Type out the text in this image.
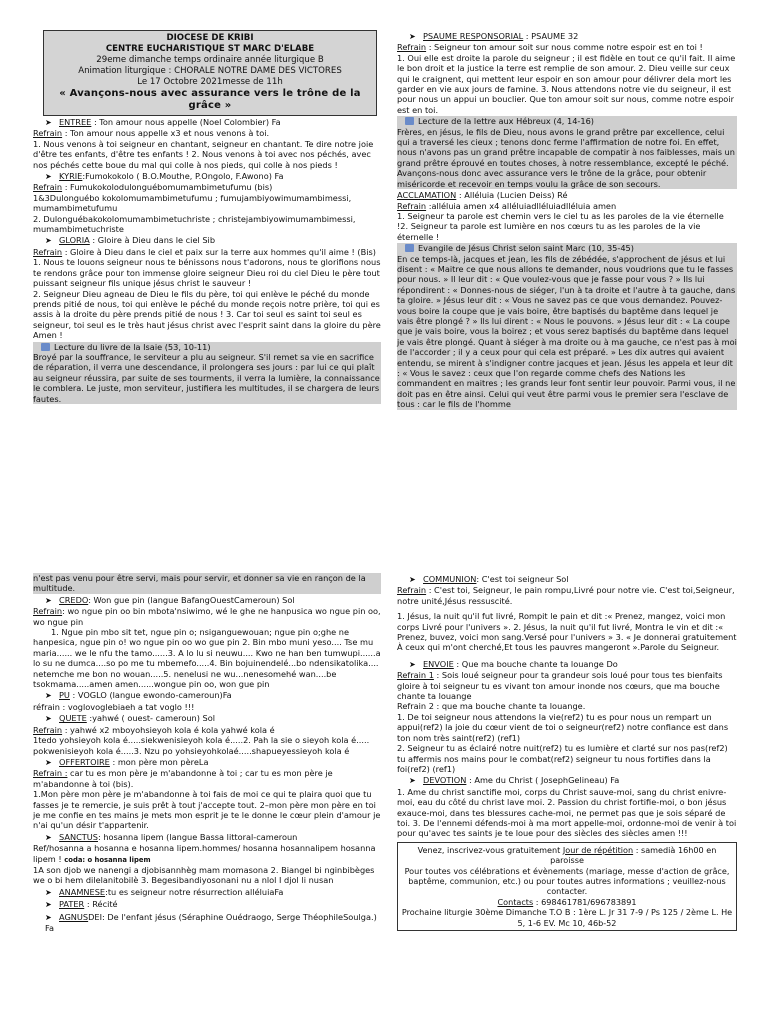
DIOCESE DE KRIBI
CENTRE EUCHARISTIQUE ST MARC D'ELABE
29eme dimanche temps ordinaire année liturgique B
Animation liturgique : CHORALE NOTRE DAME DES VICTORES
Le 17 Octobre 2021messe de 11h
« Avançons-nous avec assurance vers le trône de la grâce »

➤ ENTREE : Ton amour nous appelle (Noel Colombier) Fa

Refrain : Ton amour nous appelle x3 et nous venons à toi.

1. Nous venons à toi seigneur en chantant, seigneur en chantant. Te dire notre joie d'être tes enfants, d'être tes enfants ! 2. Nous venons à toi avec nos péchés, avec nos péchés cette boue du mal qui colle à nos pieds, qui colle à nos pieds !

➤ KYRIE:Fumokokolo ( B.O.Mouthe, P.Ongolo, F.Awono) Fa

Refrain : Fumukokolodulonguébomumambimetufumu (bis)

1&3Dulonguébo kokolomumambimetufumu ; fumujambiyowimumambimessi, mumambimetufumu

2. Dulonguébakokolomumambimetuchriste ; christejambiyowimumambimessi, mumambimetuchriste

➤ GLORIA : Gloire à Dieu dans le ciel Sib

Refrain : Gloire à Dieu dans le ciel et paix sur la terre aux hommes qu'il aime ! (Bis)

1. Nous te louons seigneur nous te bénissons nous t'adorons, nous te glorifions nous te rendons grâce pour ton immense gloire seigneur Dieu roi du ciel Dieu le père tout puissant seigneur fils unique jésus christ le sauveur !

2. Seigneur Dieu agneau de Dieu le fils du père, toi qui enlève le péché du monde prends pitié de nous, toi qui enlève le péché du monde reçois notre prière, toi qui es assis à la droite du père prends pitié de nous ! 3. Car toi seul es saint toi seul es seigneur, toi seul es le très haut jésus christ avec l'esprit saint dans la gloire du père Amen !

Lecture du livre de la Isaie (53, 10-11)

Broyé par la souffrance, le serviteur a plu au seigneur. S'il remet sa vie en sacrifice de réparation, il verra une descendance, il prolongera ses jours : par lui ce qui plaît au seigneur réussira, par suite de ses tourments, il verra la lumière, la connaissance le comblera. Le juste, mon serviteur, justifiera les multitudes, il se chargera de leurs fautes.

➤ PSAUME RESPONSORIAL : PSAUME 32

Refrain : Seigneur ton amour soit sur nous comme notre espoir est en toi !

1. Oui elle est droite la parole du seigneur ; il est fidèle en tout ce qu'il fait. Il aime le bon droit et la justice la terre est remplie de son amour. 2. Dieu veille sur ceux qui le craignent, qui mettent leur espoir en son amour pour délivrer dela mort les garder en vie aux jours de famine. 3. Nous attendons notre vie du seigneur, il est pour nous un appui un bouclier. Que ton amour soit sur nous, comme notre espoir est en toi.

Lecture de la lettre aux Hébreux (4, 14-16)

Frères, en jésus, le fils de Dieu, nous avons le grand prêtre par excellence, celui qui a traversé les cieux ; tenons donc ferme l'affirmation de notre foi. En effet, nous n'avons pas un grand prêtre incapable de compatir à nos faiblesses, mais un grand prêtre éprouvé en toutes choses, à notre ressemblance, excepté le péché. Avançons-nous donc avec assurance vers le trône de la grâce, pour obtenir miséricorde et recevoir en temps voulu la grâce de son secours.

ACCLAMATION : Alléluia (Lucien Deiss) Ré

Refrain :alléluia amen x4 alléluiadlléluiadlléluia amen

1. Seigneur ta parole est chemin vers le ciel tu as les paroles de la vie éternelle !2. Seigneur ta parole est lumière en nos cœurs tu as les paroles de la vie éternelle !

Evangile de Jésus Christ selon saint Marc (10, 35-45)

En ce temps-là, jacques et jean, les fils de zébédée, s'approchent de jésus et lui disent : « Maitre ce que nous allons te demander, nous voudrions que tu le fasses pour nous. » Il leur dit : « Que voulez-vous que je fasse pour vous ? » Ils lui répondirent : « Donnes-nous de siéger, l'un à ta droite et l'autre à ta gauche, dans ta gloire. » Jésus leur dit : « Vous ne savez pas ce que vous demandez. Pouvez-vous boire la coupe que je vais boire, être baptisés du baptême dans lequel je vais être plongé ? » Ils lui dirent : « Nous le pouvons. » Jésus leur dit : « La coupe que je vais boire, vous la boirez ; et vous serez baptisés du baptême dans lequel je vais être plongé. Quant à siéger à ma droite ou à ma gauche, ce n'est pas à moi de l'accorder ; il y a ceux pour qui cela est préparé. » Les dix autres qui avaient entendu, se mirent à s'indigner contre jacques et jean. Jésus les appela et leur dit : « Vous le savez : ceux que l'on regarde comme chefs des Nations les commandent en maitres ; les grands leur font sentir leur pouvoir. Parmi vous, il ne doit pas en être ainsi. Celui qui veut être parmi vous le premier sera l'esclave de tous : car le fils de l'homme

n'est pas venu pour être servi, mais pour servir, et donner sa vie en rançon de la multitude.

➤ CREDO: Won gue pin (langue BafangOuestCameroun) Sol

Refrain: wo ngue pin oo bin mbota'nsiwimo, wé le ghe ne hanpusica wo ngue pin oo, wo ngue pin

1. Ngue pin mbo sit tet, ngue pin o; nsiganguewouan; ngue pin o;ghe ne hanpesica, ngue pin o! wo ngue pin oo wo gue pin 2. Bin mbo muni yeso.... Tse mu maria...... we le nfu the tamo......3. A lo lu si neuwu.... Kwo ne han ben tumwupi......a lo su ne dumca....so po me tu mbemefo.....4. Bin bojuinendelé...bo ndensikatolika.... netemche me bon no wouan.....5. nenelusi ne wu...nenesomehé wan....be tsokmama.....amen amen......wongue pin oo, won gue pin

➤ PU : VOGLO (langue ewondo-cameroun)Fa

réfrain : voglovoglebiaeh a tat voglo !!!

➤ QUETE :yahwé ( ouest- cameroun) Sol

Refrain : yahwé x2 mboyohsieyoh kola é kola yahwé kola é

1tedo yohsieyoh kola é.....siekwenisieyoh kola é.....2. Pah la sie o sieyoh kola é..... pokwenisieyoh kola é.....3. Nzu po yohsieyohkolaé.....shapueyessieyoh kola é

➤ OFFERTOIRE : mon père mon pèreLa

Refrain : car tu es mon père je m'abandonne à toi ; car tu es mon père je m'abandonne à toi (bis).

1.Mon père mon père je m'abandonne à toi fais de moi ce qui te plaira quoi que tu fasses je te remercie, je suis prêt à tout j'accepte tout. 2–mon père mon père en toi je me confie en tes mains je mets mon esprit je te le donne le cœur plein d'amour je n'ai qu'un désir t'appartenir.

➤ SANCTUS: hosanna lipem (langue Bassa littoral-cameroun

Ref/hosanna a hosanna e hosanna lipem.hommes/ hosanna hosannalipem hosanna lipem ! coda: o hosanna lipem

1A son djob we nanengi a djobisannhèg mam momasona 2. Biangel bi nginbibèges we o bi hem dilelanitobilè 3. Begesibandiyosonani nu a nlol I djol li nusan

➤ ANAMNESE:tu es seigneur notre résurrection alléluiaFa

➤ PATER : Récité

➤ AGNUSDEI: De l'enfant jésus (Séraphine Ouédraogo, Serge ThéophileSoulga.) Fa

➤ COMMUNION: C'est toi seigneur Sol

Refrain : C'est toi, Seigneur, le pain rompu,Livré pour notre vie. C'est toi,Seigneur, notre unité,Jésus ressuscité.

1. Jésus, la nuit qu'il fut livré, Rompit le pain et dit :« Prenez, mangez, voici mon corps Livré pour l'univers ». 2. Jésus, la nuit qu'il fut livré, Montra le vin et dit :« Prenez, buvez, voici mon sang.Versé pour l'univers » 3. « Je donnerai gratuitement À ceux qui m'ont cherché,Et tous les pauvres mangeront ».Parole du Seigneur.

➤ ENVOIE : Que ma bouche chante ta louange Do

Refrain 1 : Sois loué seigneur pour ta grandeur sois loué pour tous tes bienfaits gloire à toi seigneur tu es vivant ton amour inonde nos cœurs, que ma bouche chante ta louange

Refrain 2 : que ma bouche chante ta louange.

1. De toi seigneur nous attendons la vie(ref2) tu es pour nous un rempart un appui(ref2) la joie du cœur vient de toi o seigneur(ref2) notre confiance est dans ton nom très saint(ref2) (ref1)
2. Seigneur tu as éclairé notre nuit(ref2) tu es lumière et clarté sur nos pas(ref2) tu affermis nos mains pour le combat(ref2) seigneur tu nous fortifies dans la foi(ref2) (ref1)

➤ DEVOTION : Ame du Christ ( JosephGelineau) Fa

1. Ame du christ sanctifie moi, corps du Christ sauve-moi, sang du christ enivre-moi, eau du côté du christ lave moi. 2. Passion du christ fortifie-moi, o bon jésus exauce-moi, dans tes blessures cache-moi, ne permet pas que je sois séparé de toi. 3. De l'ennemi défends-moi à ma mort appelle-moi, ordonne-moi de venir à toi pour qu'avec tes saints je te loue pour des siècles des siècles amen !!!

Venez, inscrivez-vous gratuitement Jour de répétition : samedià 16h00 en paroisse

Pour toutes vos célébrations et évènements (mariage, messe d'action de grâce, baptême, communion, etc.) ou pour toutes autres informations ; veuillez-nous contacter.

Contacts : 698461781/696783891

Prochaine liturgie 30ème Dimanche T.O B : 1ère L. Jr 31 7-9 / Ps 125 / 2ème L. He 5, 1-6 EV. Mc 10, 46b-52
